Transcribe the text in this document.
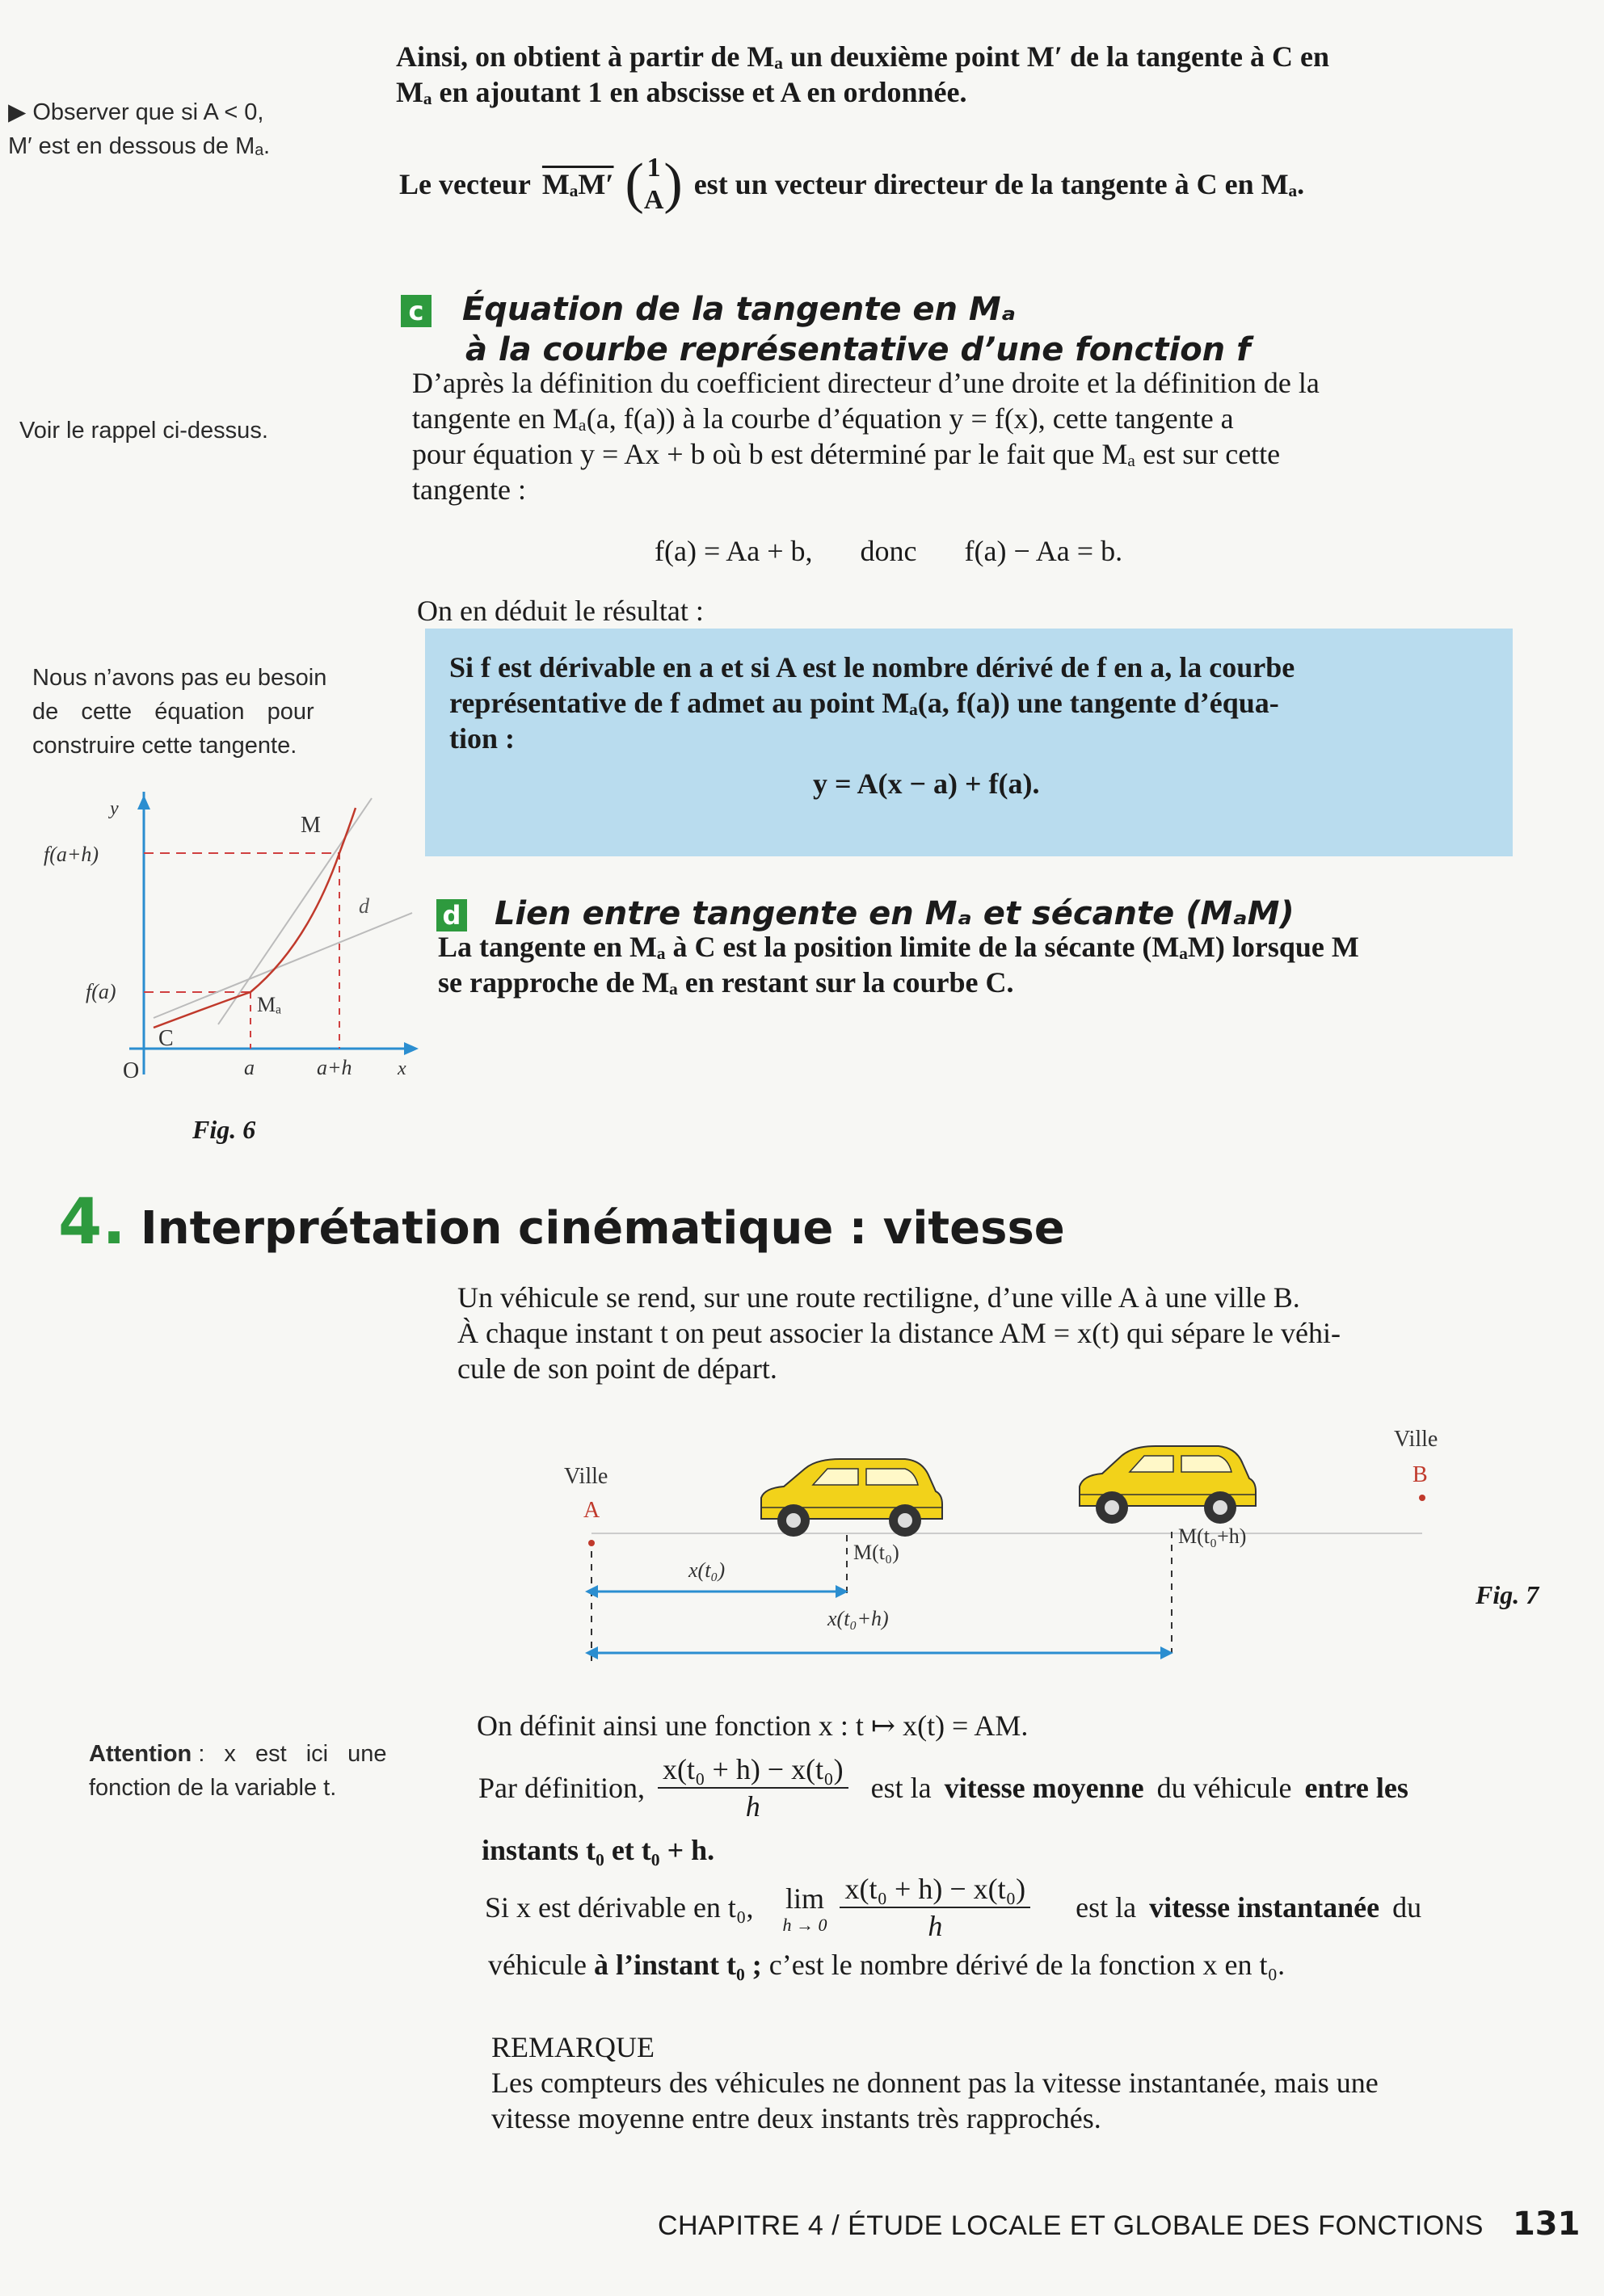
▶ Observer que si A < 0,
M′ est en dessous de Mₐ.
Voir le rappel ci-dessus.
Nous n’avons pas eu besoin
de cette équation pour
construire cette tangente.
Ainsi, on obtient à partir de Mₐ un deuxième point M′ de la tangente à C en
Mₐ en ajoutant 1 en abscisse et A en ordonnée.
Le vecteur MₐM′ ( 1
A ) est un vecteur directeur de la tangente à C en Mₐ.
c Équation de la tangente en Mₐ
à la courbe représentative d’une fonction f
D’après la définition du coefficient directeur d’une droite et la définition de la
tangente en Mₐ(a, f(a)) à la courbe d’équation y = f(x), cette tangente a
pour équation y = Ax + b où b est déterminé par le fait que Mₐ est sur cette
tangente :
f(a) = Aa + b, donc f(a) − Aa = b.
On en déduit le résultat :
Si f est dérivable en a et si A est le nombre dérivé de f en a, la courbe
représentative de f admet au point Mₐ(a, f(a)) une tangente d’équa-
tion :
y = A(x − a) + f(a).
d Lien entre tangente en Mₐ et sécante (MₐM)
La tangente en Mₐ à C est la position limite de la sécante (MₐM) lorsque M
se rapproche de Mₐ en restant sur la courbe C.
y
f(a+h)
f(a)
M
Mₐ
d
C
O	a	a+h x
Fig. 6
4. Interprétation cinématique : vitesse
Un véhicule se rend, sur une route rectiligne, d’une ville A à une ville B.
À chaque instant t on peut associer la distance AM = x(t) qui sépare le véhi-
cule de son point de départ.
Ville
A
Ville
B
M(t₀)
M(t₀+h)
x(t₀)
x(t₀+h)
Fig. 7
Attention : x est ici une
fonction de la variable t.
On définit ainsi une fonction x : t ↦ x(t) = AM.
Par définition, $\frac{\text{x(t₀ + h) − x(t₀)}}{h}$ est la vitesse moyenne du véhicule entre les
instants t₀ et t₀ + h.
Si x est dérivable en t₀, lim
$h \to 0 \frac{\text{x(t₀ + h) − x(t₀)}}{h}$ est la vitesse instantanée du
véhicule à l’instant t₀ ; c’est le nombre dérivé de la fonction x en t₀.
REMARQUE
Les compteurs des véhicules ne donnent pas la vitesse instantanée, mais une
vitesse moyenne entre deux instants très rapprochés.
CHAPITRE 4 / ÉTUDE LOCALE ET GLOBALE DES FONCTIONS 131
